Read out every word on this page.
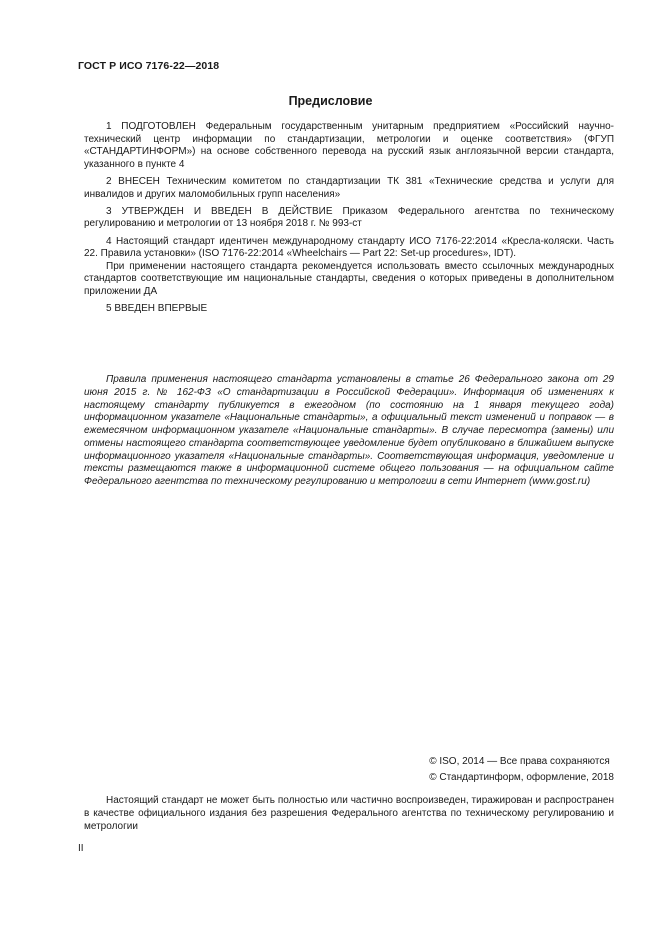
ГОСТ Р ИСО 7176-22—2018
Предисловие

1 ПОДГОТОВЛЕН Федеральным государственным унитарным предприятием «Российский научно-технический центр информации по стандартизации, метрологии и оценке соответствия» (ФГУП «СТАНДАРТИНФОРМ») на основе собственного перевода на русский язык англоязычной версии стандарта, указанного в пункте 4

2 ВНЕСЕН Техническим комитетом по стандартизации ТК 381 «Технические средства и услуги для инвалидов и других маломобильных групп населения»

3 УТВЕРЖДЕН И ВВЕДЕН В ДЕЙСТВИЕ Приказом Федерального агентства по техническому регулированию и метрологии от 13 ноября 2018 г. № 993-ст

4 Настоящий стандарт идентичен международному стандарту ИСО 7176-22:2014 «Кресла-коляски. Часть 22. Правила установки» (ISO 7176-22:2014 «Wheelchairs — Part 22: Set-up procedures», IDT).

При применении настоящего стандарта рекомендуется использовать вместо ссылочных международных стандартов соответствующие им национальные стандарты, сведения о которых приведены в дополнительном приложении ДА

5 ВВЕДЕН ВПЕРВЫЕ

Правила применения настоящего стандарта установлены в статье 26 Федерального закона от 29 июня 2015 г. № 162-ФЗ «О стандартизации в Российской Федерации». Информация об изменениях к настоящему стандарту публикуется в ежегодном (по состоянию на 1 января текущего года) информационном указателе «Национальные стандарты», а официальный текст изменений и поправок — в ежемесячном информационном указателе «Национальные стандарты». В случае пересмотра (замены) или отмены настоящего стандарта соответствующее уведомление будет опубликовано в ближайшем выпуске информационного указателя «Национальные стандарты». Соответствующая информация, уведомление и тексты размещаются также в информационной системе общего пользования — на официальном сайте Федерального агентства по техническому регулированию и метрологии в сети Интернет (www.gost.ru)

© ISO, 2014 — Все права сохраняются
© Стандартинформ, оформление, 2018

Настоящий стандарт не может быть полностью или частично воспроизведен, тиражирован и распространен в качестве официального издания без разрешения Федерального агентства по техническому регулированию и метрологии

II
